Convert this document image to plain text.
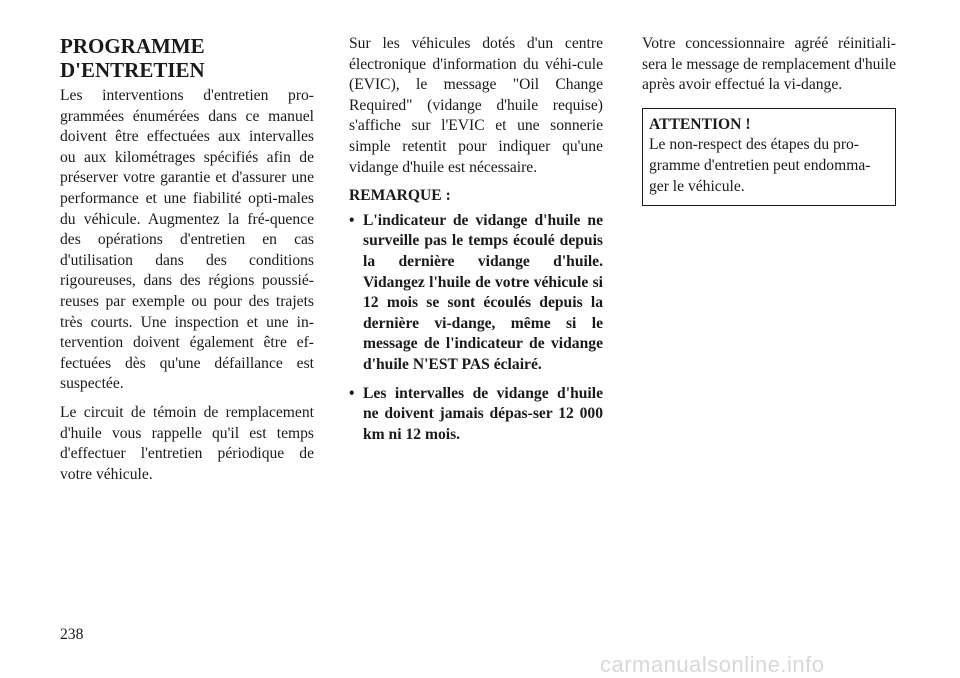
PROGRAMME D'ENTRETIEN

Les interventions d'entretien pro-grammées énumérées dans ce manuel doivent être effectuées aux intervalles ou aux kilométrages spécifiés afin de préserver votre garantie et d'assurer une performance et une fiabilité opti-males du véhicule. Augmentez la fré-quence des opérations d'entretien en cas d'utilisation dans des conditions rigoureuses, dans des régions poussié-reuses par exemple ou pour des trajets très courts. Une inspection et une in-tervention doivent également être ef-fectuées dès qu'une défaillance est suspectée.

Le circuit de témoin de remplacement d'huile vous rappelle qu'il est temps d'effectuer l'entretien périodique de votre véhicule.

Sur les véhicules dotés d'un centre électronique d'information du véhi-cule (EVIC), le message "Oil Change Required" (vidange d'huile requise) s'affiche sur l'EVIC et une sonnerie simple retentit pour indiquer qu'une vidange d'huile est nécessaire.

REMARQUE :
• L'indicateur de vidange d'huile ne surveille pas le temps écoulé depuis la dernière vidange d'huile. Vidangez l'huile de votre véhicule si 12 mois se sont écoulés depuis la dernière vi-dange, même si le message de l'indicateur de vidange d'huile N'EST PAS éclairé.
• Les intervalles de vidange d'huile ne doivent jamais dépas-ser 12 000 km ni 12 mois.

Votre concessionnaire agréé réinitiali-sera le message de remplacement d'huile après avoir effectué la vi-dange.

ATTENTION !
Le non-respect des étapes du pro-gramme d'entretien peut endomma-ger le véhicule.
238
carmanualsonline.info
